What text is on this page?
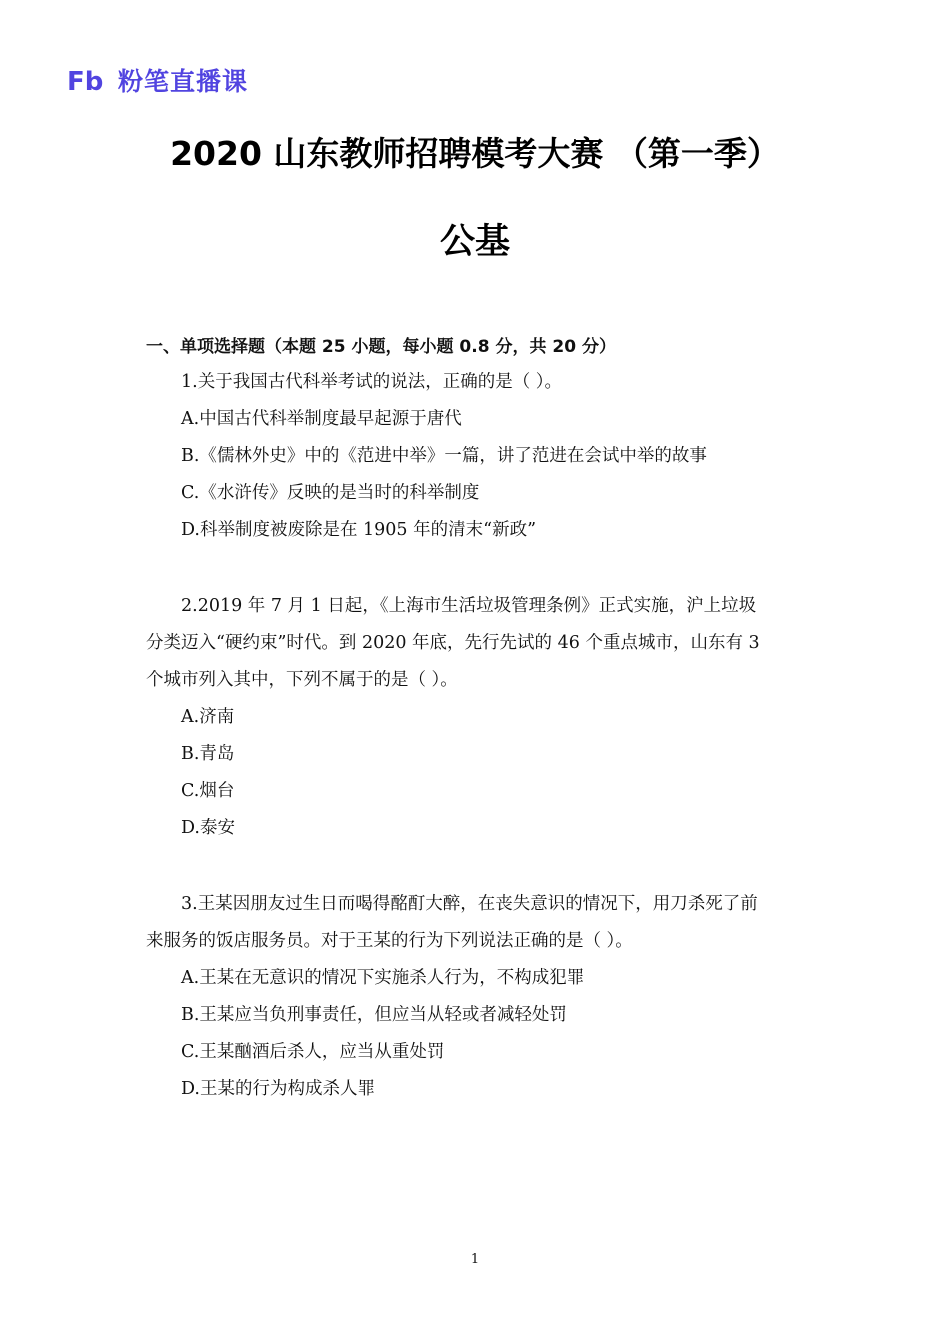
Fb 粉笔直播课
2020 山东教师招聘模考大赛 （第一季）
公基
一、单项选择题（本题 25 小题，每小题 0.8 分，共 20 分）
1.关于我国古代科举考试的说法，正确的是（ ）。
A.中国古代科举制度最早起源于唐代
B.《儒林外史》中的《范进中举》一篇，讲了范进在会试中举的故事
C.《水浒传》反映的是当时的科举制度
D.科举制度被废除是在 1905 年的清末“新政”
2.2019 年 7 月 1 日起，《上海市生活垃圾管理条例》正式实施，沪上垃圾
分类迈入“硬约束”时代。到 2020 年底，先行先试的 46 个重点城市，山东有 3
个城市列入其中，下列不属于的是（ ）。
A.济南
B.青岛
C.烟台
D.泰安
3.王某因朋友过生日而喝得酩酊大醉，在丧失意识的情况下，用刀杀死了前
来服务的饭店服务员。对于王某的行为下列说法正确的是（ ）。
A.王某在无意识的情况下实施杀人行为，不构成犯罪
B.王某应当负刑事责任，但应当从轻或者减轻处罚
C.王某酗酒后杀人，应当从重处罚
D.王某的行为构成杀人罪
1
